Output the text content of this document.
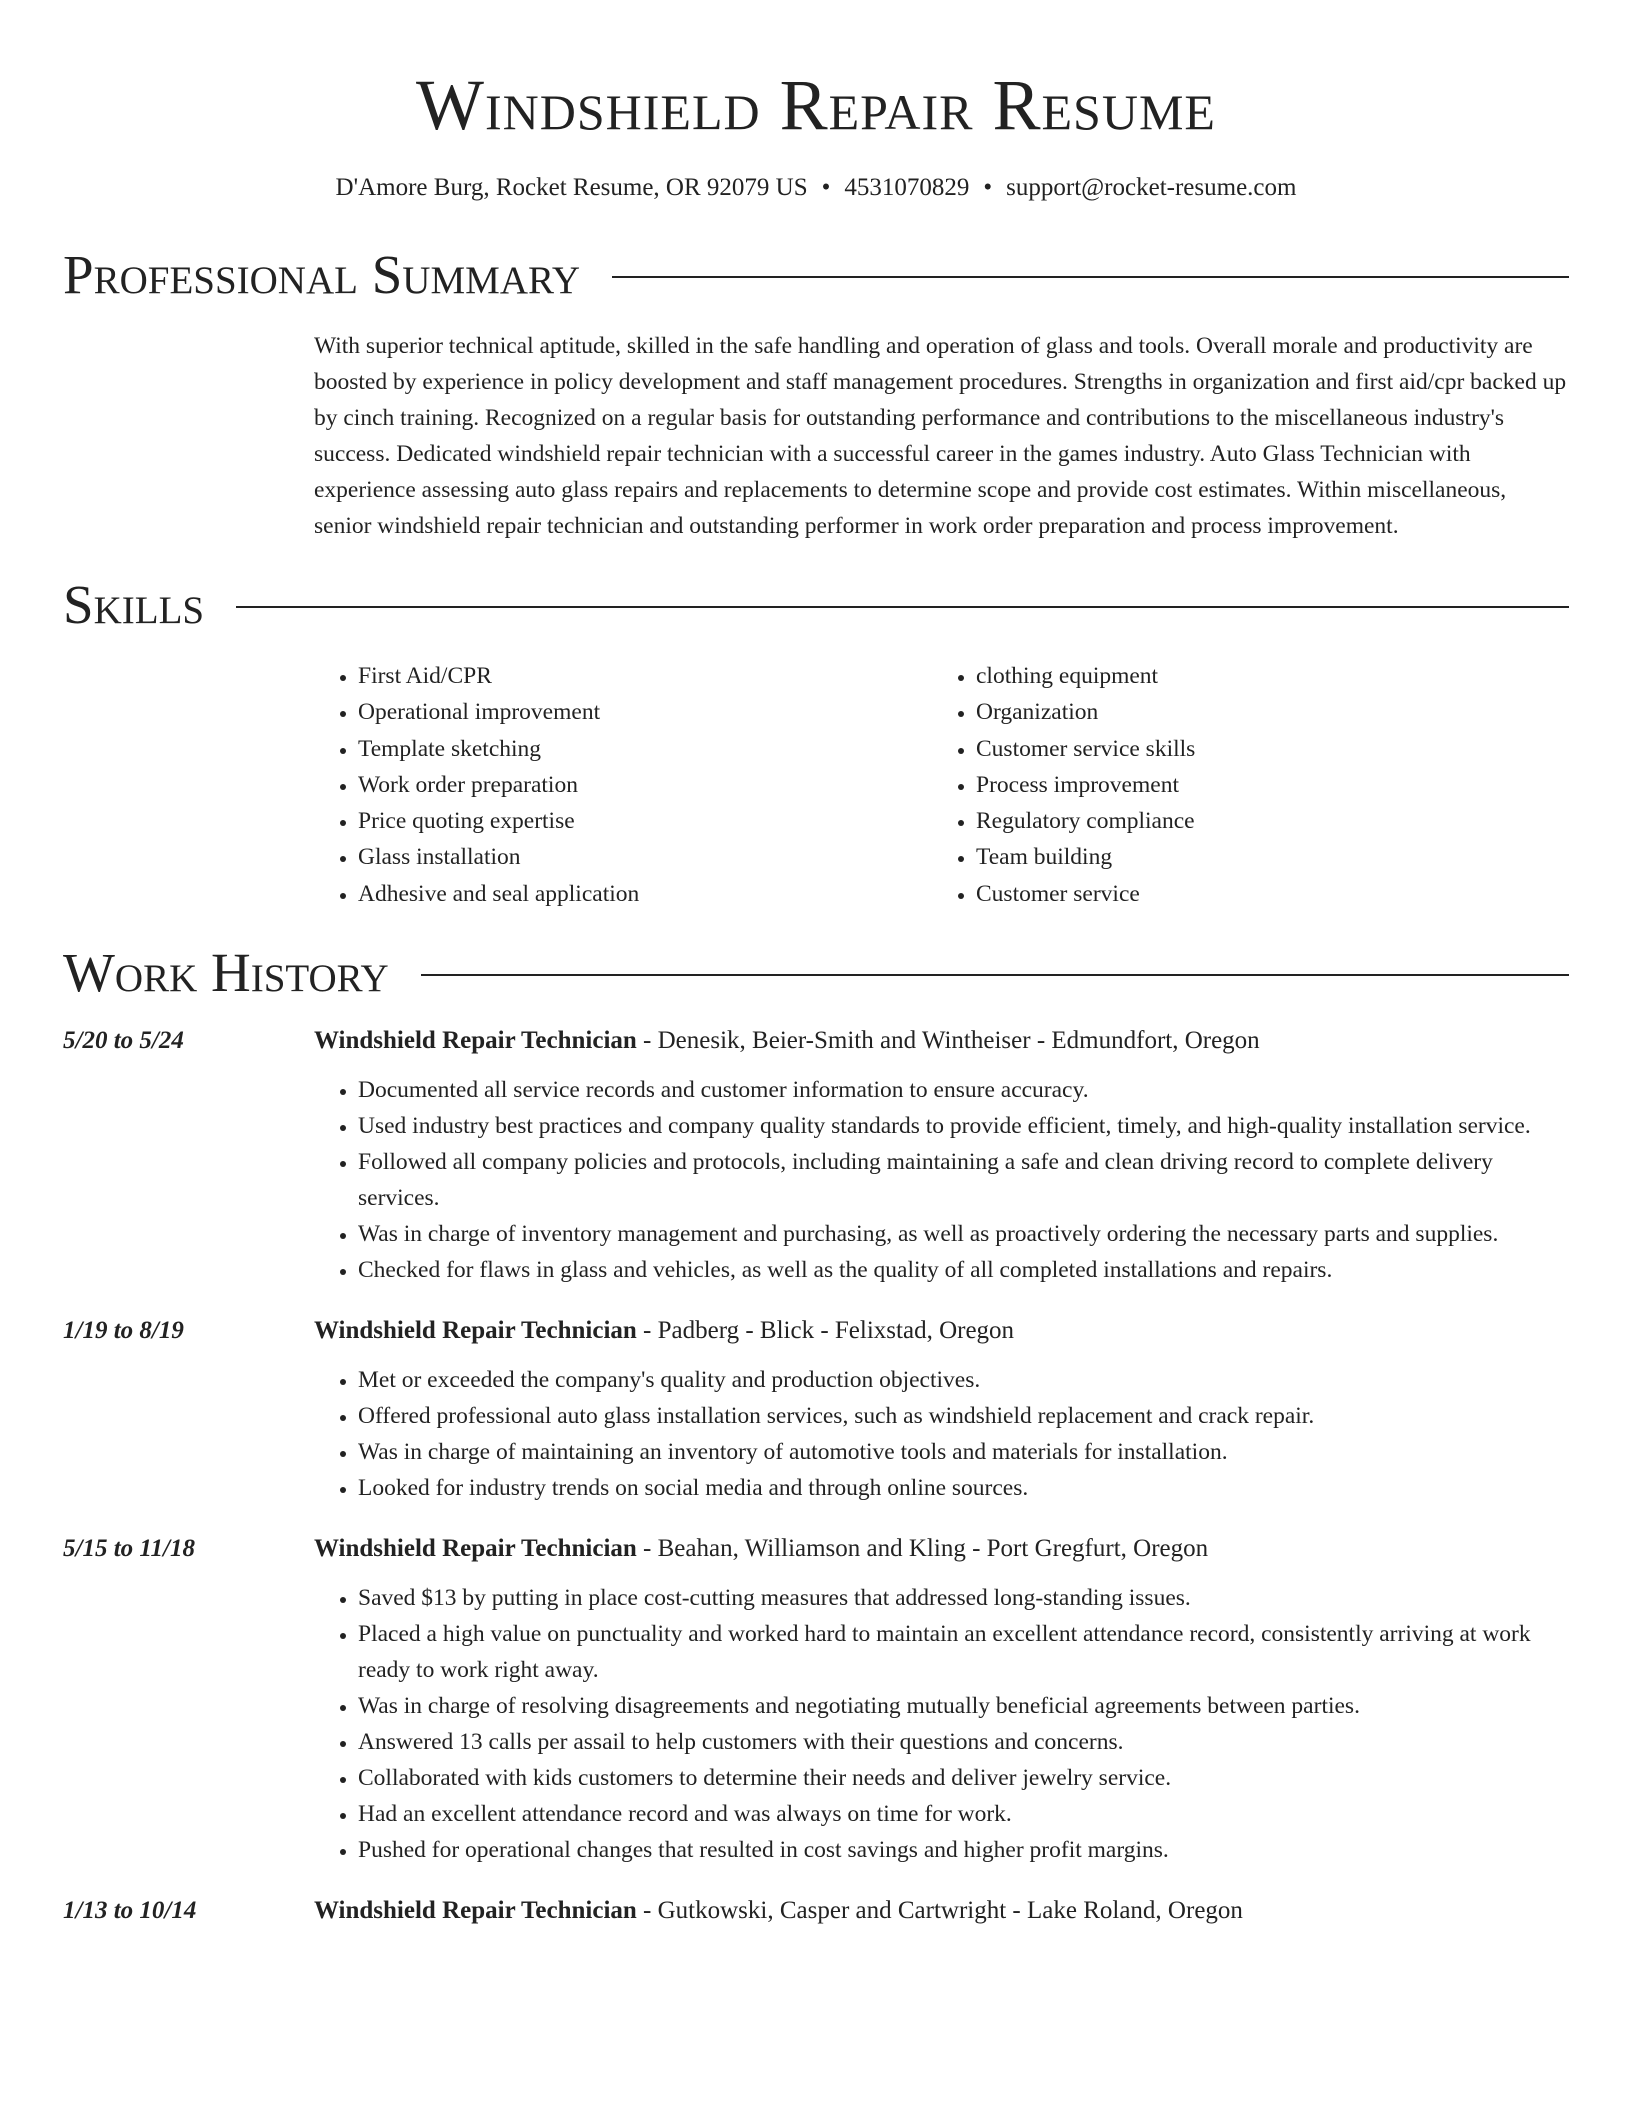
Windshield Repair Resume
D'Amore Burg, Rocket Resume, OR 92079 US • 4531070829 • support@rocket-resume.com
Professional Summary
With superior technical aptitude, skilled in the safe handling and operation of glass and tools. Overall morale and productivity are boosted by experience in policy development and staff management procedures. Strengths in organization and first aid/cpr backed up by cinch training. Recognized on a regular basis for outstanding performance and contributions to the miscellaneous industry's success. Dedicated windshield repair technician with a successful career in the games industry. Auto Glass Technician with experience assessing auto glass repairs and replacements to determine scope and provide cost estimates. Within miscellaneous, senior windshield repair technician and outstanding performer in work order preparation and process improvement.
Skills
• First Aid/CPR
• Operational improvement
• Template sketching
• Work order preparation
• Price quoting expertise
• Glass installation
• Adhesive and seal application
• clothing equipment
• Organization
• Customer service skills
• Process improvement
• Regulatory compliance
• Team building
• Customer service
Work History
5/20 to 5/24	Windshield Repair Technician - Denesik, Beier-Smith and Wintheiser - Edmundfort, Oregon
• Documented all service records and customer information to ensure accuracy.
• Used industry best practices and company quality standards to provide efficient, timely, and high-quality installation service.
• Followed all company policies and protocols, including maintaining a safe and clean driving record to complete delivery services.
• Was in charge of inventory management and purchasing, as well as proactively ordering the necessary parts and supplies.
• Checked for flaws in glass and vehicles, as well as the quality of all completed installations and repairs.
1/19 to 8/19	Windshield Repair Technician - Padberg - Blick - Felixstad, Oregon
• Met or exceeded the company's quality and production objectives.
• Offered professional auto glass installation services, such as windshield replacement and crack repair.
• Was in charge of maintaining an inventory of automotive tools and materials for installation.
• Looked for industry trends on social media and through online sources.
5/15 to 11/18	Windshield Repair Technician - Beahan, Williamson and Kling - Port Gregfurt, Oregon
• Saved $13 by putting in place cost-cutting measures that addressed long-standing issues.
• Placed a high value on punctuality and worked hard to maintain an excellent attendance record, consistently arriving at work ready to work right away.
• Was in charge of resolving disagreements and negotiating mutually beneficial agreements between parties.
• Answered 13 calls per assail to help customers with their questions and concerns.
• Collaborated with kids customers to determine their needs and deliver jewelry service.
• Had an excellent attendance record and was always on time for work.
• Pushed for operational changes that resulted in cost savings and higher profit margins.
1/13 to 10/14	Windshield Repair Technician - Gutkowski, Casper and Cartwright - Lake Roland, Oregon
